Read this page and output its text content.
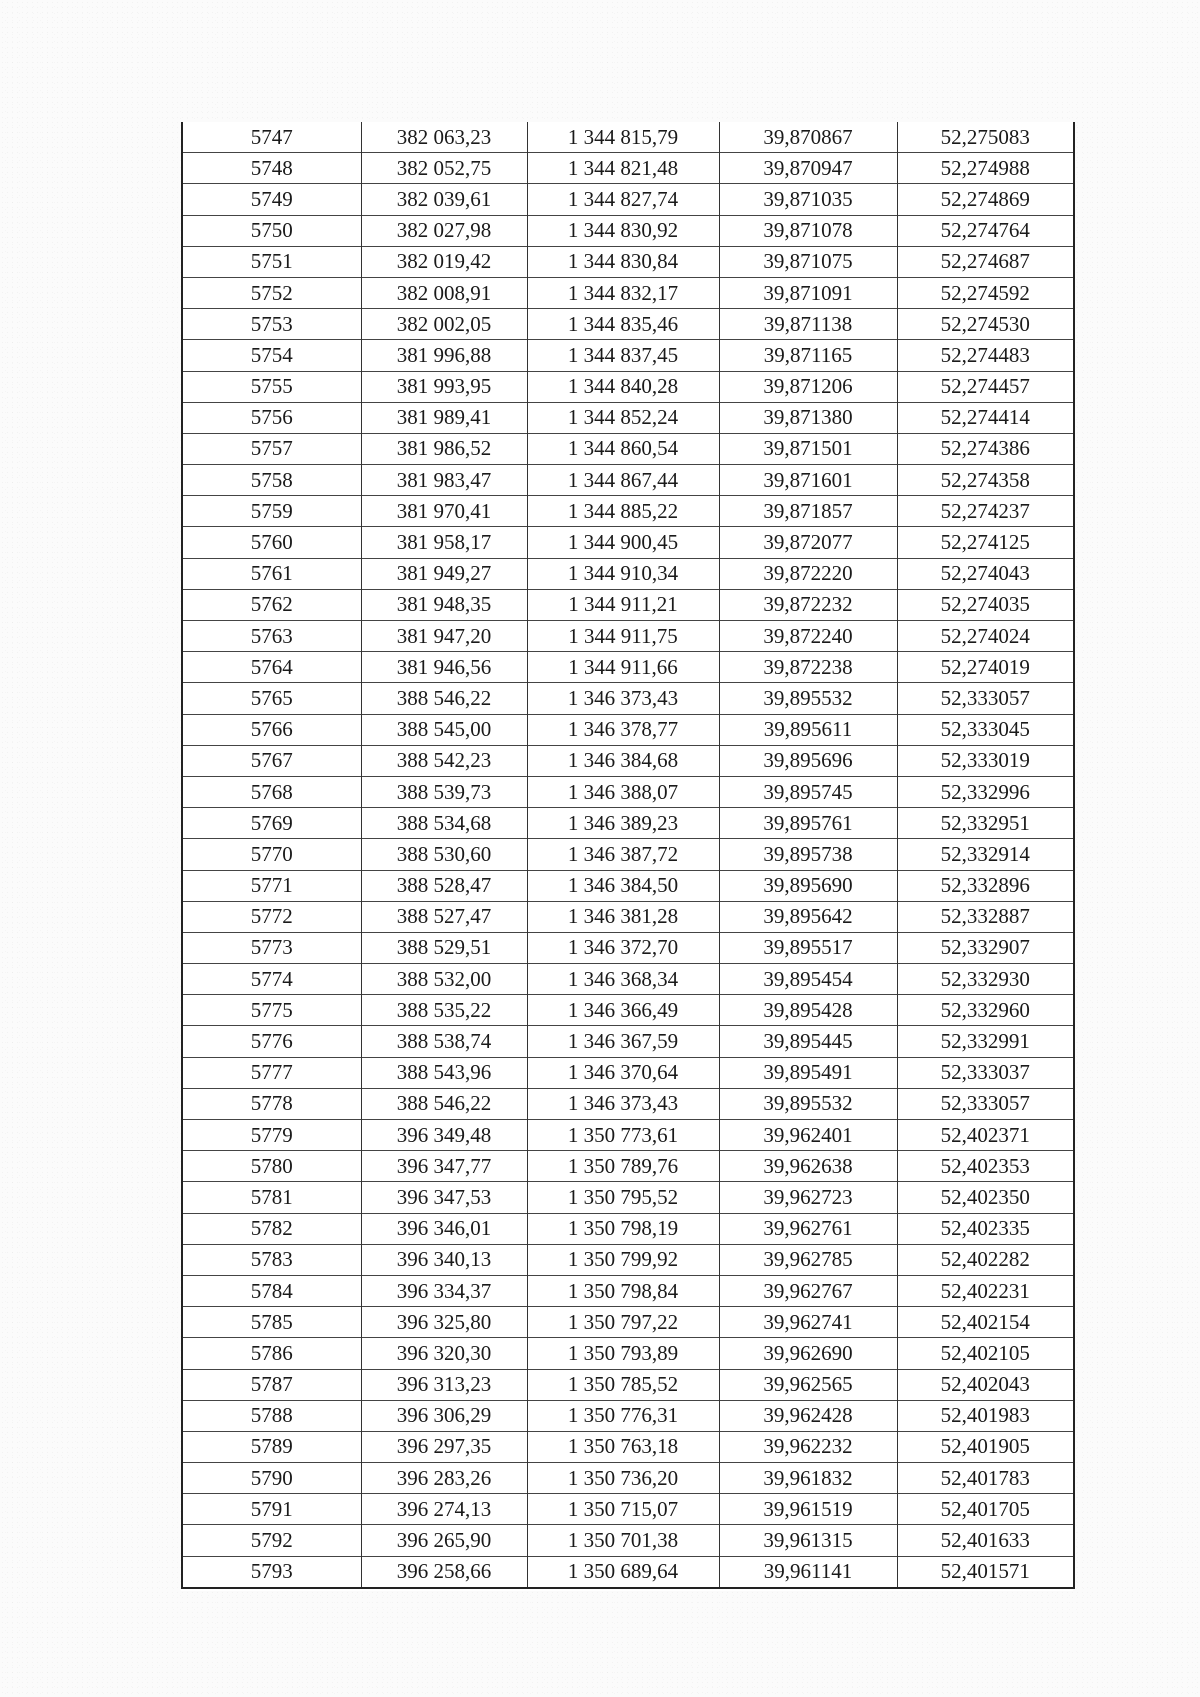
5747	382 063,23	1 344 815,79	39,870867	52,275083
5748	382 052,75	1 344 821,48	39,870947	52,274988
5749	382 039,61	1 344 827,74	39,871035	52,274869
5750	382 027,98	1 344 830,92	39,871078	52,274764
5751	382 019,42	1 344 830,84	39,871075	52,274687
5752	382 008,91	1 344 832,17	39,871091	52,274592
5753	382 002,05	1 344 835,46	39,871138	52,274530
5754	381 996,88	1 344 837,45	39,871165	52,274483
5755	381 993,95	1 344 840,28	39,871206	52,274457
5756	381 989,41	1 344 852,24	39,871380	52,274414
5757	381 986,52	1 344 860,54	39,871501	52,274386
5758	381 983,47	1 344 867,44	39,871601	52,274358
5759	381 970,41	1 344 885,22	39,871857	52,274237
5760	381 958,17	1 344 900,45	39,872077	52,274125
5761	381 949,27	1 344 910,34	39,872220	52,274043
5762	381 948,35	1 344 911,21	39,872232	52,274035
5763	381 947,20	1 344 911,75	39,872240	52,274024
5764	381 946,56	1 344 911,66	39,872238	52,274019
5765	388 546,22	1 346 373,43	39,895532	52,333057
5766	388 545,00	1 346 378,77	39,895611	52,333045
5767	388 542,23	1 346 384,68	39,895696	52,333019
5768	388 539,73	1 346 388,07	39,895745	52,332996
5769	388 534,68	1 346 389,23	39,895761	52,332951
5770	388 530,60	1 346 387,72	39,895738	52,332914
5771	388 528,47	1 346 384,50	39,895690	52,332896
5772	388 527,47	1 346 381,28	39,895642	52,332887
5773	388 529,51	1 346 372,70	39,895517	52,332907
5774	388 532,00	1 346 368,34	39,895454	52,332930
5775	388 535,22	1 346 366,49	39,895428	52,332960
5776	388 538,74	1 346 367,59	39,895445	52,332991
5777	388 543,96	1 346 370,64	39,895491	52,333037
5778	388 546,22	1 346 373,43	39,895532	52,333057
5779	396 349,48	1 350 773,61	39,962401	52,402371
5780	396 347,77	1 350 789,76	39,962638	52,402353
5781	396 347,53	1 350 795,52	39,962723	52,402350
5782	396 346,01	1 350 798,19	39,962761	52,402335
5783	396 340,13	1 350 799,92	39,962785	52,402282
5784	396 334,37	1 350 798,84	39,962767	52,402231
5785	396 325,80	1 350 797,22	39,962741	52,402154
5786	396 320,30	1 350 793,89	39,962690	52,402105
5787	396 313,23	1 350 785,52	39,962565	52,402043
5788	396 306,29	1 350 776,31	39,962428	52,401983
5789	396 297,35	1 350 763,18	39,962232	52,401905
5790	396 283,26	1 350 736,20	39,961832	52,401783
5791	396 274,13	1 350 715,07	39,961519	52,401705
5792	396 265,90	1 350 701,38	39,961315	52,401633
5793	396 258,66	1 350 689,64	39,961141	52,401571
